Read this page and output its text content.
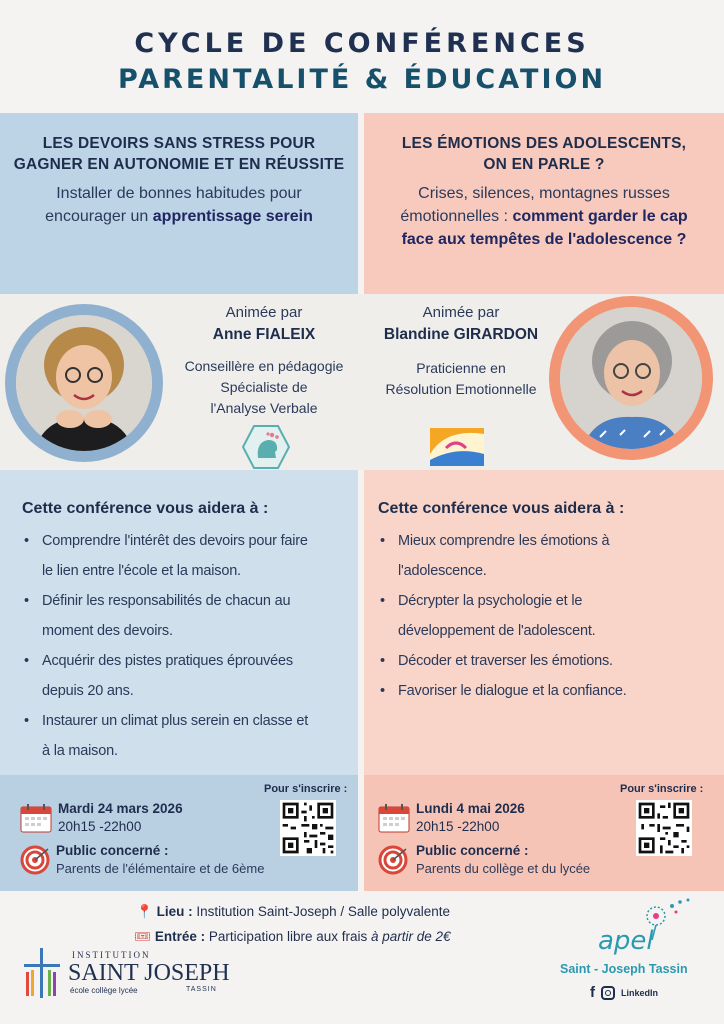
CYCLE DE CONFÉRENCES
PARENTALITÉ & ÉDUCATION
LES DEVOIRS SANS STRESS POUR
GAGNER EN AUTONOMIE ET EN RÉUSSITE
Installer de bonnes habitudes pour
encourager un apprentissage serein
LES ÉMOTIONS DES ADOLESCENTS,
ON EN PARLE ?
Crises, silences, montagnes russes
émotionnelles : comment garder le cap
face aux tempêtes de l'adolescence ?
Animée par
Anne FIALEIX
Conseillère en pédagogie
Spécialiste de
l'Analyse Verbale
Animée par
Blandine GIRARDON
Praticienne en
Résolution Emotionnelle
Cette conférence vous aidera à :
• Comprendre l'intérêt des devoirs pour faire
le lien entre l'école et la maison.
• Définir les responsabilités de chacun au
moment des devoirs.
• Acquérir des pistes pratiques éprouvées
depuis 20 ans.
• Instaurer un climat plus serein en classe et
à la maison.
Cette conférence vous aidera à :
• Mieux comprendre les émotions à
l'adolescence.
• Décrypter la psychologie et le
développement de l'adolescent.
• Décoder et traverser les émotions.
• Favoriser le dialogue et la confiance.
Pour s'inscrire :
Mardi 24 mars 2026
20h15 -22h00
Public concerné :
Parents de l'élémentaire et de 6ème
Pour s'inscrire :
Lundi 4 mai 2026
20h15 -22h00
Public concerné :
Parents du collège et du lycée
📍 Lieu : Institution Saint-Joseph / Salle polyvalente
🎟 Entrée : Participation libre aux frais à partir de 2€
INSTITUTION
SAINT JOSEPH
école collège lycée	TASSIN
apel
Saint - Joseph Tassin
f	LinkedIn
